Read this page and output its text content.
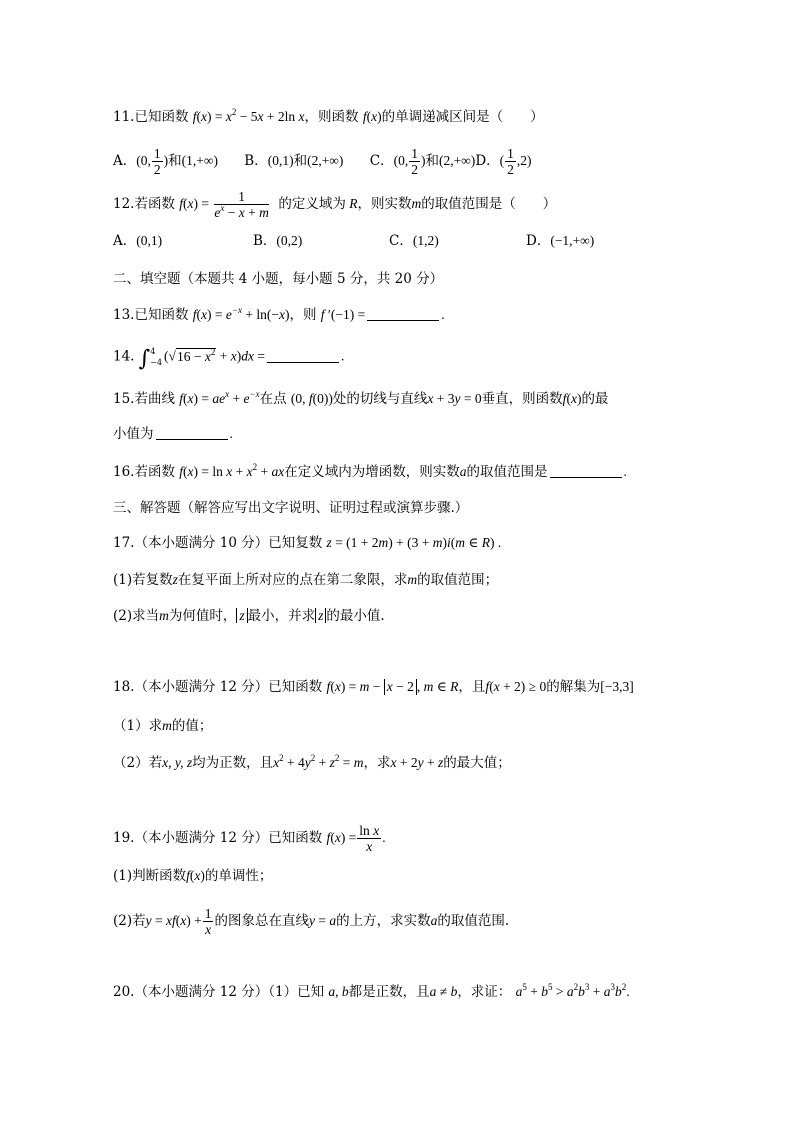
11.已知函数 $f(x) = x^2 - 5x + 2\ln$ x，则函数 f(x)的单调递减区间是（　　）
A．(0, $\frac{1}{2}$ )和(1,+∞) B．(0,1)和(2,+∞) C．(0, $\frac{1}{2}$ )和(2,+∞)D．( $\frac{1}{2} ,2$)
12.若函数 $f(x) = \frac{1}{e^x - x + m}$ 的定义域为 R，则实数m的取值范围是（　　）
A．(0,1)	B．(0,2)	C．(1,2)	D．(−1,+∞)
二、填空题（本题共 4 小题，每小题 5 分，共 20 分）
13.已知函数 $f(x) = e^{-x} + \ln(-x)$，则 f ′(−1) =	.
14. ∫ 4
−4 $(√16 - x^2 + x)dx$ =	.
15.若曲线 $f(x) = ae^x + e^{-x}$在点 (0, f(0))处的切线与直线x + 3y = 0垂直，则函数f(x)的最
小值为	.
16.若函数 $f(x) = \ln x + x^2$ + ax在定义域内为增函数，则实数a的取值范围是	.
三、解答题（解答应写出文字说明、证明过程或演算步骤.）
17.（本小题满分 10 分）已知复数 z = (1 + 2m) + (3 + m)i(m ∈ R) .
(1)若复数z在复平面上所对应的点在第二象限，求m的取值范围；
(2)求当m为何值时， z 最小，并求 z 的最小值.
18.（本小题满分 12 分）已知函数 f(x) = m − x − 2 , m ∈ R，且f(x + 2) ≥ 0的解集为[−3,3]
（1）求m的值；
（2）若x, y, z均为正数，且$x^2 + 4y^2 + z^2 = m$，求x + 2y + z的最大值；
19.（本小题满分 12 分）已知函数 $f(x) = \frac{\text{ln x}}{x}$ .
(1)判断函数f(x)的单调性；
(2)若$y = xf(x) + \frac{1}{x}$ 的图象总在直线y = a的上方，求实数a的取值范围.
20.（本小题满分 12 分）（1）已知 a, b都是正数，且a ≠ b，求证： $a^5 + b^5 > a^2b^3 + a^3b^2$.
